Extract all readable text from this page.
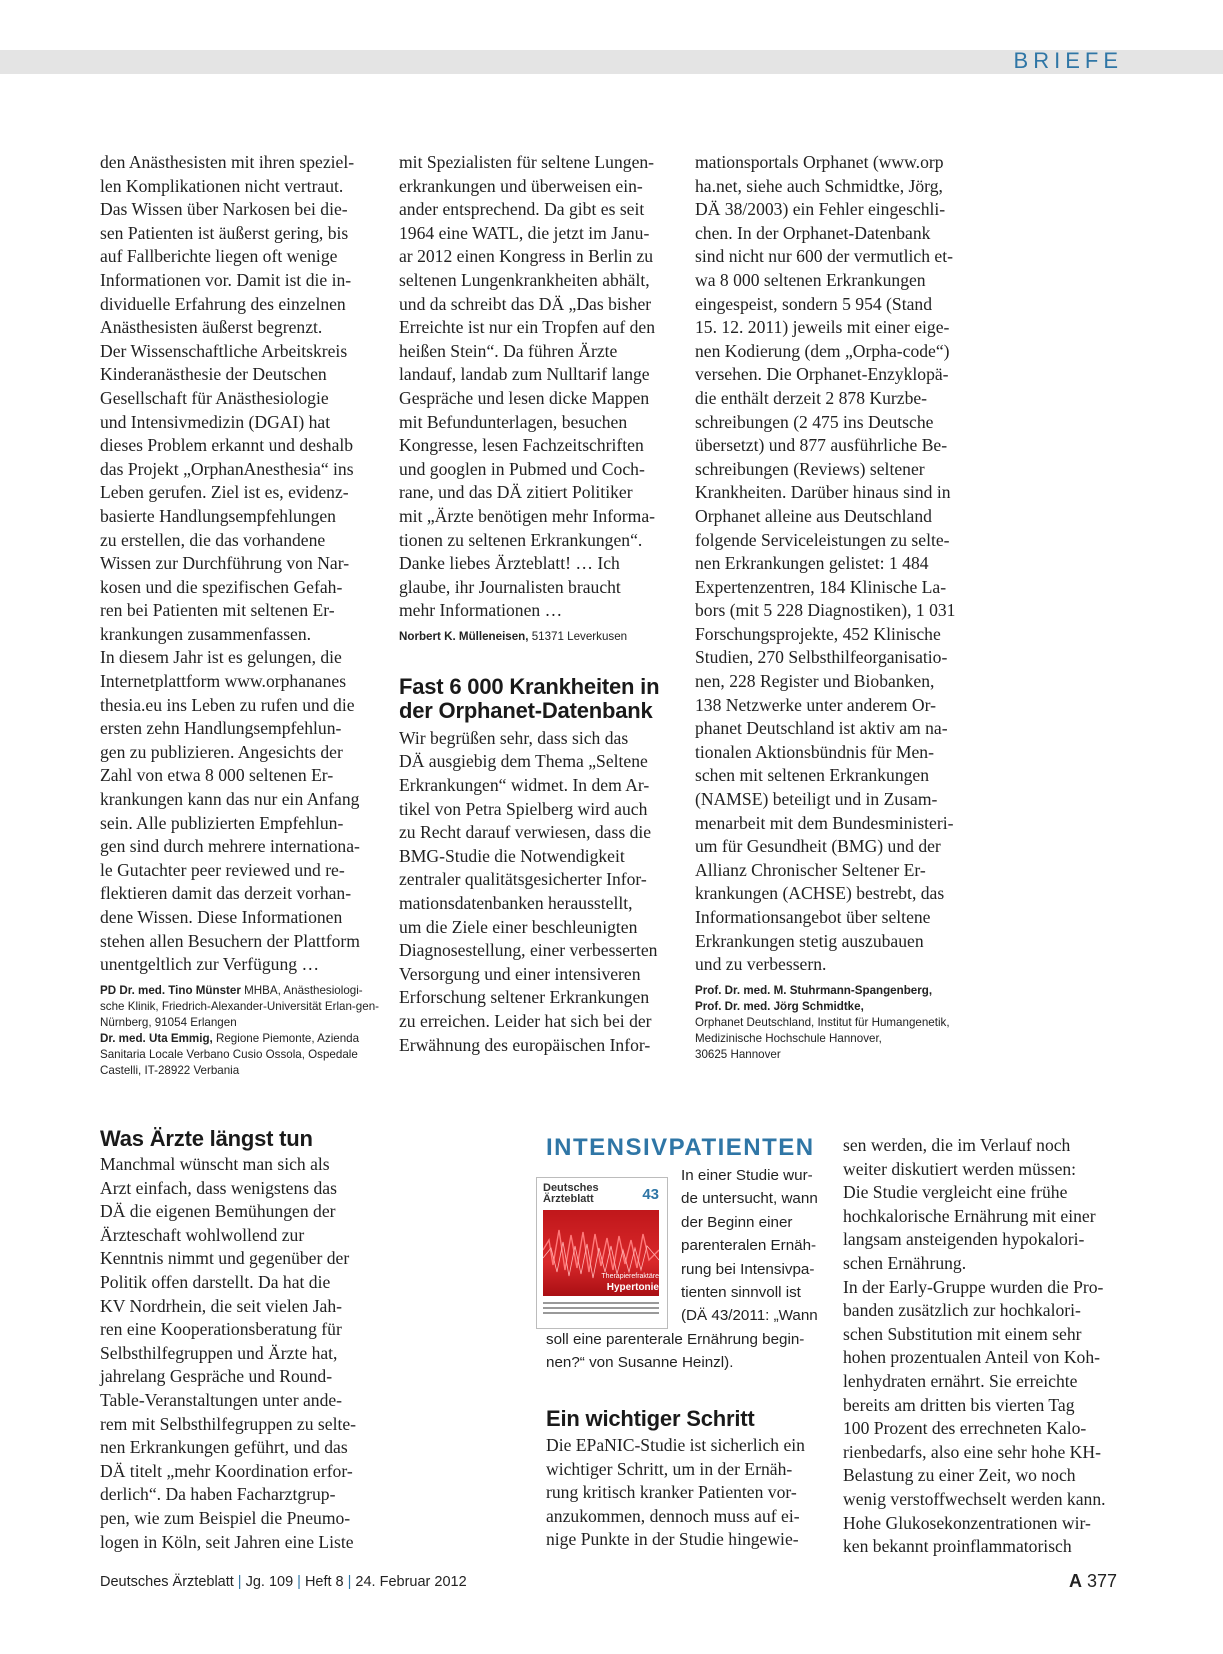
BRIEFE
den Anästhesisten mit ihren speziel-
len Komplikationen nicht vertraut.
Das Wissen über Narkosen bei die-
sen Patienten ist äußerst gering, bis
auf Fallberichte liegen oft wenige
Informationen vor. Damit ist die in-
dividuelle Erfahrung des einzelnen
Anästhesisten äußerst begrenzt.
Der Wissenschaftliche Arbeitskreis
Kinderanästhesie der Deutschen
Gesellschaft für Anästhesiologie
und Intensivmedizin (DGAI) hat
dieses Problem erkannt und deshalb
das Projekt „OrphanAnesthesia“ ins
Leben gerufen. Ziel ist es, evidenz-
basierte Handlungsempfehlungen
zu erstellen, die das vorhandene
Wissen zur Durchführung von Nar-
kosen und die spezifischen Gefah-
ren bei Patienten mit seltenen Er-
krankungen zusammenfassen.
In diesem Jahr ist es gelungen, die
Internetplattform www.orphananes
thesia.eu ins Leben zu rufen und die
ersten zehn Handlungsempfehlun-
gen zu publizieren. Angesichts der
Zahl von etwa 8 000 seltenen Er-
krankungen kann das nur ein Anfang
sein. Alle publizierten Empfehlun-
gen sind durch mehrere internationa-
le Gutachter peer reviewed und re-
flektieren damit das derzeit vorhan-
dene Wissen. Diese Informationen
stehen allen Besuchern der Plattform
unentgeltlich zur Verfügung …
PD Dr. med. Tino Münster MHBA, Anästhesiologi-sche Klinik, Friedrich-Alexander-Universität Erlan-gen-Nürnberg, 91054 Erlangen
Dr. med. Uta Emmig, Regione Piemonte, Azienda Sanitaria Locale Verbano Cusio Ossola, Ospedale Castelli, IT-28922 Verbania
mit Spezialisten für seltene Lungen-
erkrankungen und überweisen ein-
ander entsprechend. Da gibt es seit
1964 eine WATL, die jetzt im Janu-
ar 2012 einen Kongress in Berlin zu
seltenen Lungenkrankheiten abhält,
und da schreibt das DÄ „Das bisher
Erreichte ist nur ein Tropfen auf den
heißen Stein“. Da führen Ärzte
landauf, landab zum Nulltarif lange
Gespräche und lesen dicke Mappen
mit Befundunterlagen, besuchen
Kongresse, lesen Fachzeitschriften
und googlen in Pubmed und Coch-
rane, und das DÄ zitiert Politiker
mit „Ärzte benötigen mehr Informa-
tionen zu seltenen Erkrankungen“.
Danke liebes Ärzteblatt! … Ich
glaube, ihr Journalisten braucht
mehr Informationen …
Norbert K. Mülleneisen, 51371 Leverkusen
Fast 6 000 Krankheiten in
der Orphanet-Datenbank
Wir begrüßen sehr, dass sich das
DÄ ausgiebig dem Thema „Seltene
Erkrankungen“ widmet. In dem Ar-
tikel von Petra Spielberg wird auch
zu Recht darauf verwiesen, dass die
BMG-Studie die Notwendigkeit
zentraler qualitätsgesicherter Infor-
mationsdatenbanken herausstellt,
um die Ziele einer beschleunigten
Diagnosestellung, einer verbesserten
Versorgung und einer intensiveren
Erforschung seltener Erkrankungen
zu erreichen. Leider hat sich bei der
Erwähnung des europäischen Infor-
mationsportals Orphanet (www.orp
ha.net, siehe auch Schmidtke, Jörg,
DÄ 38/2003) ein Fehler eingeschli-
chen. In der Orphanet-Datenbank
sind nicht nur 600 der vermutlich et-
wa 8 000 seltenen Erkrankungen
eingespeist, sondern 5 954 (Stand
15. 12. 2011) jeweils mit einer eige-
nen Kodierung (dem „Orpha-code“)
versehen. Die Orphanet-Enzyklopä-
die enthält derzeit 2 878 Kurzbe-
schreibungen (2 475 ins Deutsche
übersetzt) und 877 ausführliche Be-
schreibungen (Reviews) seltener
Krankheiten. Darüber hinaus sind in
Orphanet alleine aus Deutschland
folgende Serviceleistungen zu selte-
nen Erkrankungen gelistet: 1 484
Expertenzentren, 184 Klinische La-
bors (mit 5 228 Diagnostiken), 1 031
Forschungsprojekte, 452 Klinische
Studien, 270 Selbsthilfeorganisatio-
nen, 228 Register und Biobanken,
138 Netzwerke unter anderem Or-
phanet Deutschland ist aktiv am na-
tionalen Aktionsbündnis für Men-
schen mit seltenen Erkrankungen
(NAMSE) beteiligt und in Zusam-
menarbeit mit dem Bundesministeri-
um für Gesundheit (BMG) und der
Allianz Chronischer Seltener Er-
krankungen (ACHSE) bestrebt, das
Informationsangebot über seltene
Erkrankungen stetig auszubauen
und zu verbessern.
Prof. Dr. med. M. Stuhrmann-Spangenberg,
Prof. Dr. med. Jörg Schmidtke,
Orphanet Deutschland, Institut für Humangenetik,
Medizinische Hochschule Hannover,
30625 Hannover
Was Ärzte längst tun
Manchmal wünscht man sich als
Arzt einfach, dass wenigstens das
DÄ die eigenen Bemühungen der
Ärzteschaft wohlwollend zur
Kenntnis nimmt und gegenüber der
Politik offen darstellt. Da hat die
KV Nordrhein, die seit vielen Jah-
ren eine Kooperationsberatung für
Selbsthilfegruppen und Ärzte hat,
jahrelang Gespräche und Round-
Table-Veranstaltungen unter ande-
rem mit Selbsthilfegruppen zu selte-
nen Erkrankungen geführt, und das
DÄ titelt „mehr Koordination erfor-
derlich“. Da haben Facharztgrup-
pen, wie zum Beispiel die Pneumo-
logen in Köln, seit Jahren eine Liste
INTENSIVPATIENTEN
Deutsches
Ärzteblatt	43
Therapierefraktäre
Hypertonie
In einer Studie wur-
de untersucht, wann
der Beginn einer
parenteralen Ernäh-
rung bei Intensivpa-
tienten sinnvoll ist
(DÄ 43/2011: „Wann
soll eine parenterale Ernährung begin-
nen?“ von Susanne Heinzl).
Ein wichtiger Schritt
Die EPaNIC-Studie ist sicherlich ein
wichtiger Schritt, um in der Ernäh-
rung kritisch kranker Patienten vor-
anzukommen, dennoch muss auf ei-
nige Punkte in der Studie hingewie-
sen werden, die im Verlauf noch
weiter diskutiert werden müssen:
Die Studie vergleicht eine frühe
hochkalorische Ernährung mit einer
langsam ansteigenden hypokalori-
schen Ernährung.
In der Early-Gruppe wurden die Pro-
banden zusätzlich zur hochkalori-
schen Substitution mit einem sehr
hohen prozentualen Anteil von Koh-
lenhydraten ernährt. Sie erreichte
bereits am dritten bis vierten Tag
100 Prozent des errechneten Kalo-
rienbedarfs, also eine sehr hohe KH-
Belastung zu einer Zeit, wo noch
wenig verstoffwechselt werden kann.
Hohe Glukosekonzentrationen wir-
ken bekannt proinflammatorisch
Deutsches Ärzteblatt | Jg. 109 | Heft 8 | 24. Februar 2012	A 377
